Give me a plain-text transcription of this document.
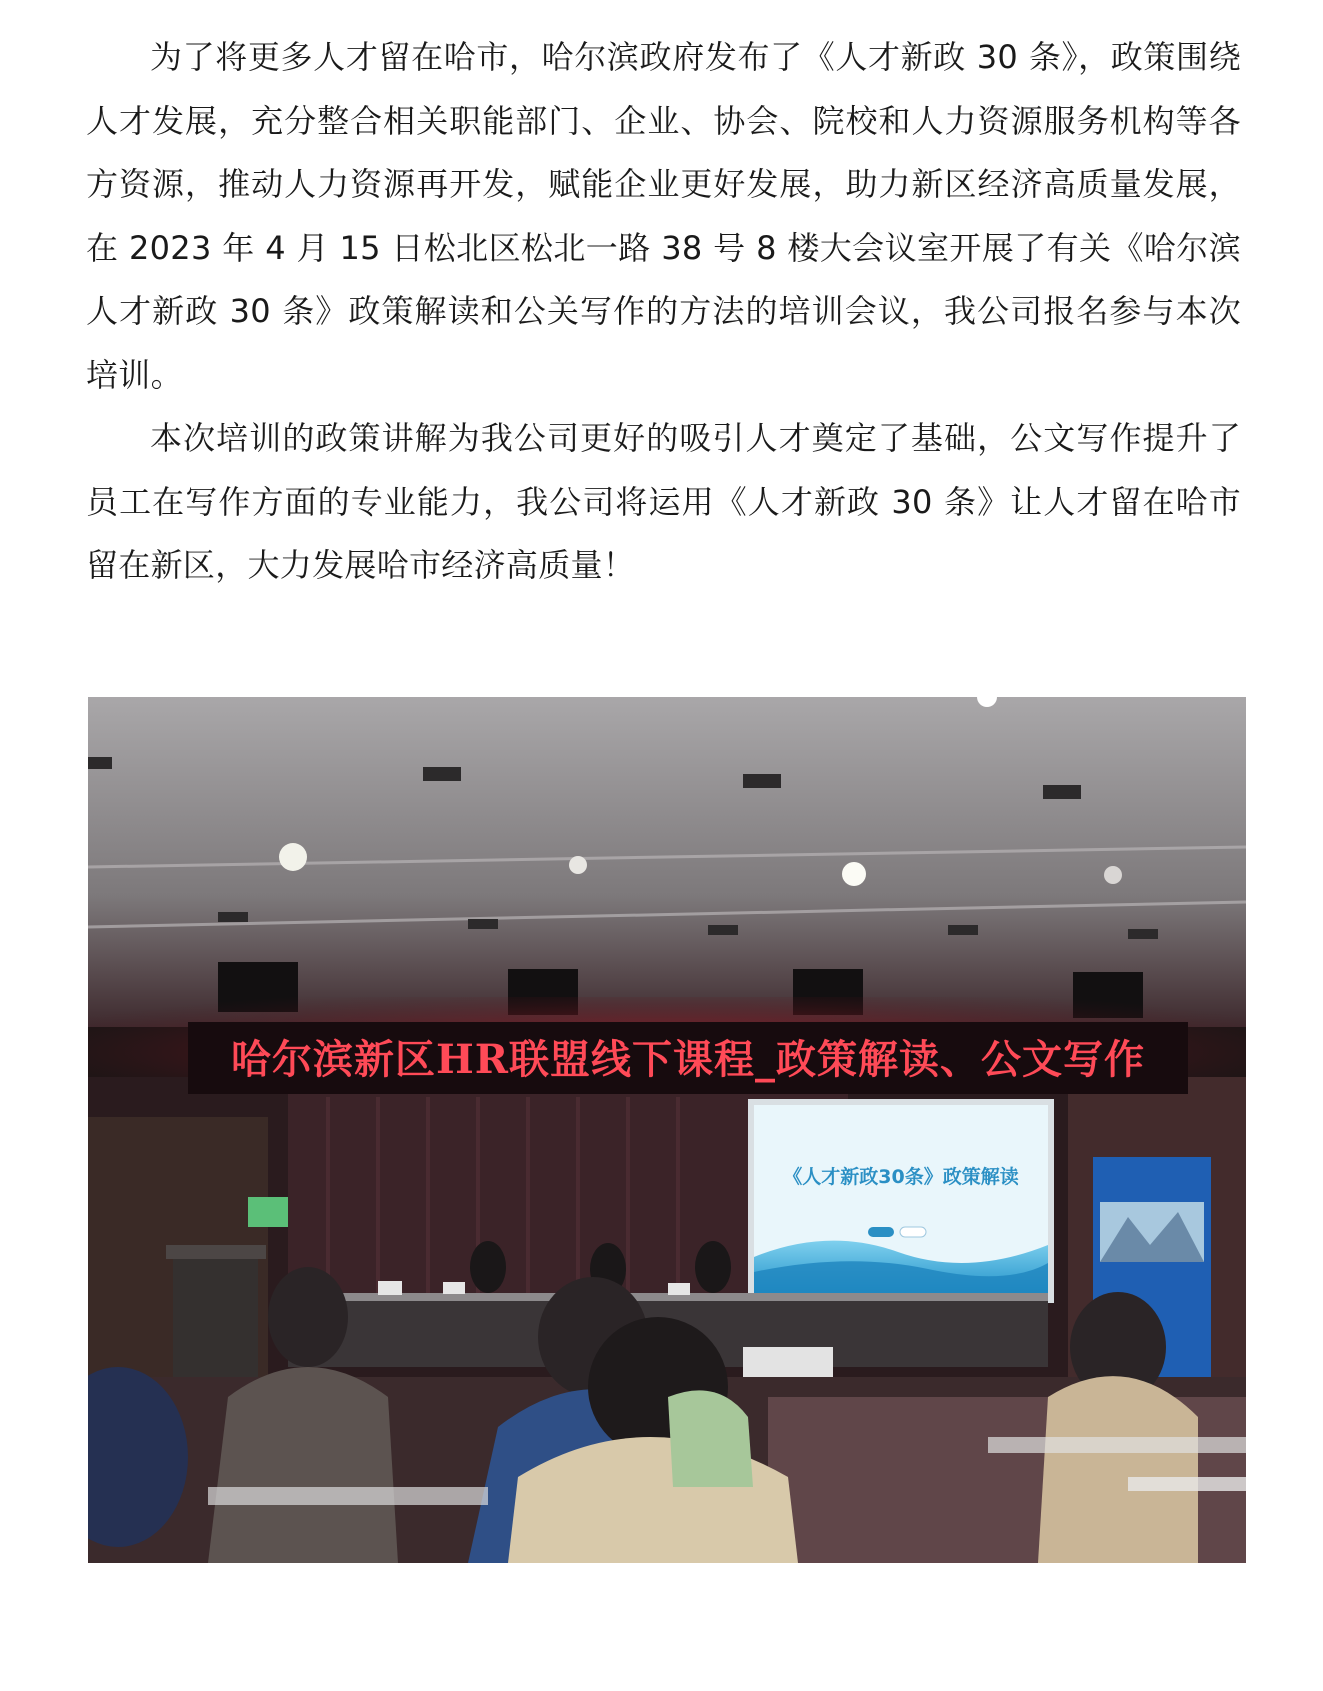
为了将更多人才留在哈市，哈尔滨政府发布了《人才新政 30 条》，政策围绕人才发展，充分整合相关职能部门、企业、协会、院校和人力资源服务机构等各方资源，推动人力资源再开发，赋能企业更好发展，助力新区经济高质量发展，在 2023 年 4 月 15 日松北区松北一路 38 号 8 楼大会议室开展了有关《哈尔滨人才新政 30 条》政策解读和公关写作的方法的培训会议，我公司报名参与本次培训。

本次培训的政策讲解为我公司更好的吸引人才奠定了基础，公文写作提升了员工在写作方面的专业能力，我公司将运用《人才新政 30 条》让人才留在哈市留在新区，大力发展哈市经济高质量！

哈尔滨新区HR联盟线下课程_政策解读、公文写作
《人才新政30条》政策解读
